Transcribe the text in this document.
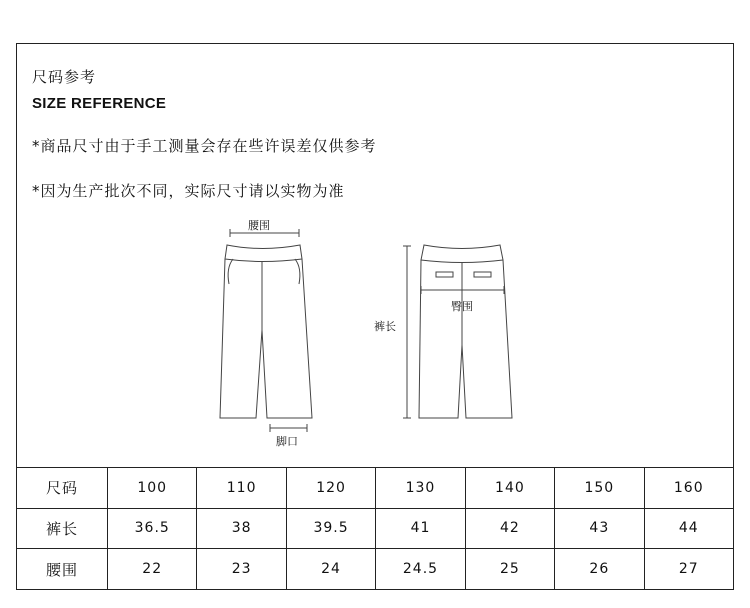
尺码参考
SIZE REFERENCE
*商品尺寸由于手工测量会存在些许误差仅供参考
*因为生产批次不同，实际尺寸请以实物为准
腰围
脚口
裤长
臀围
尺码	100	110	120	130	140	150	160
裤长	36.5	38	39.5	41	42	43	44
腰围	22	23	24	24.5	25	26	27
